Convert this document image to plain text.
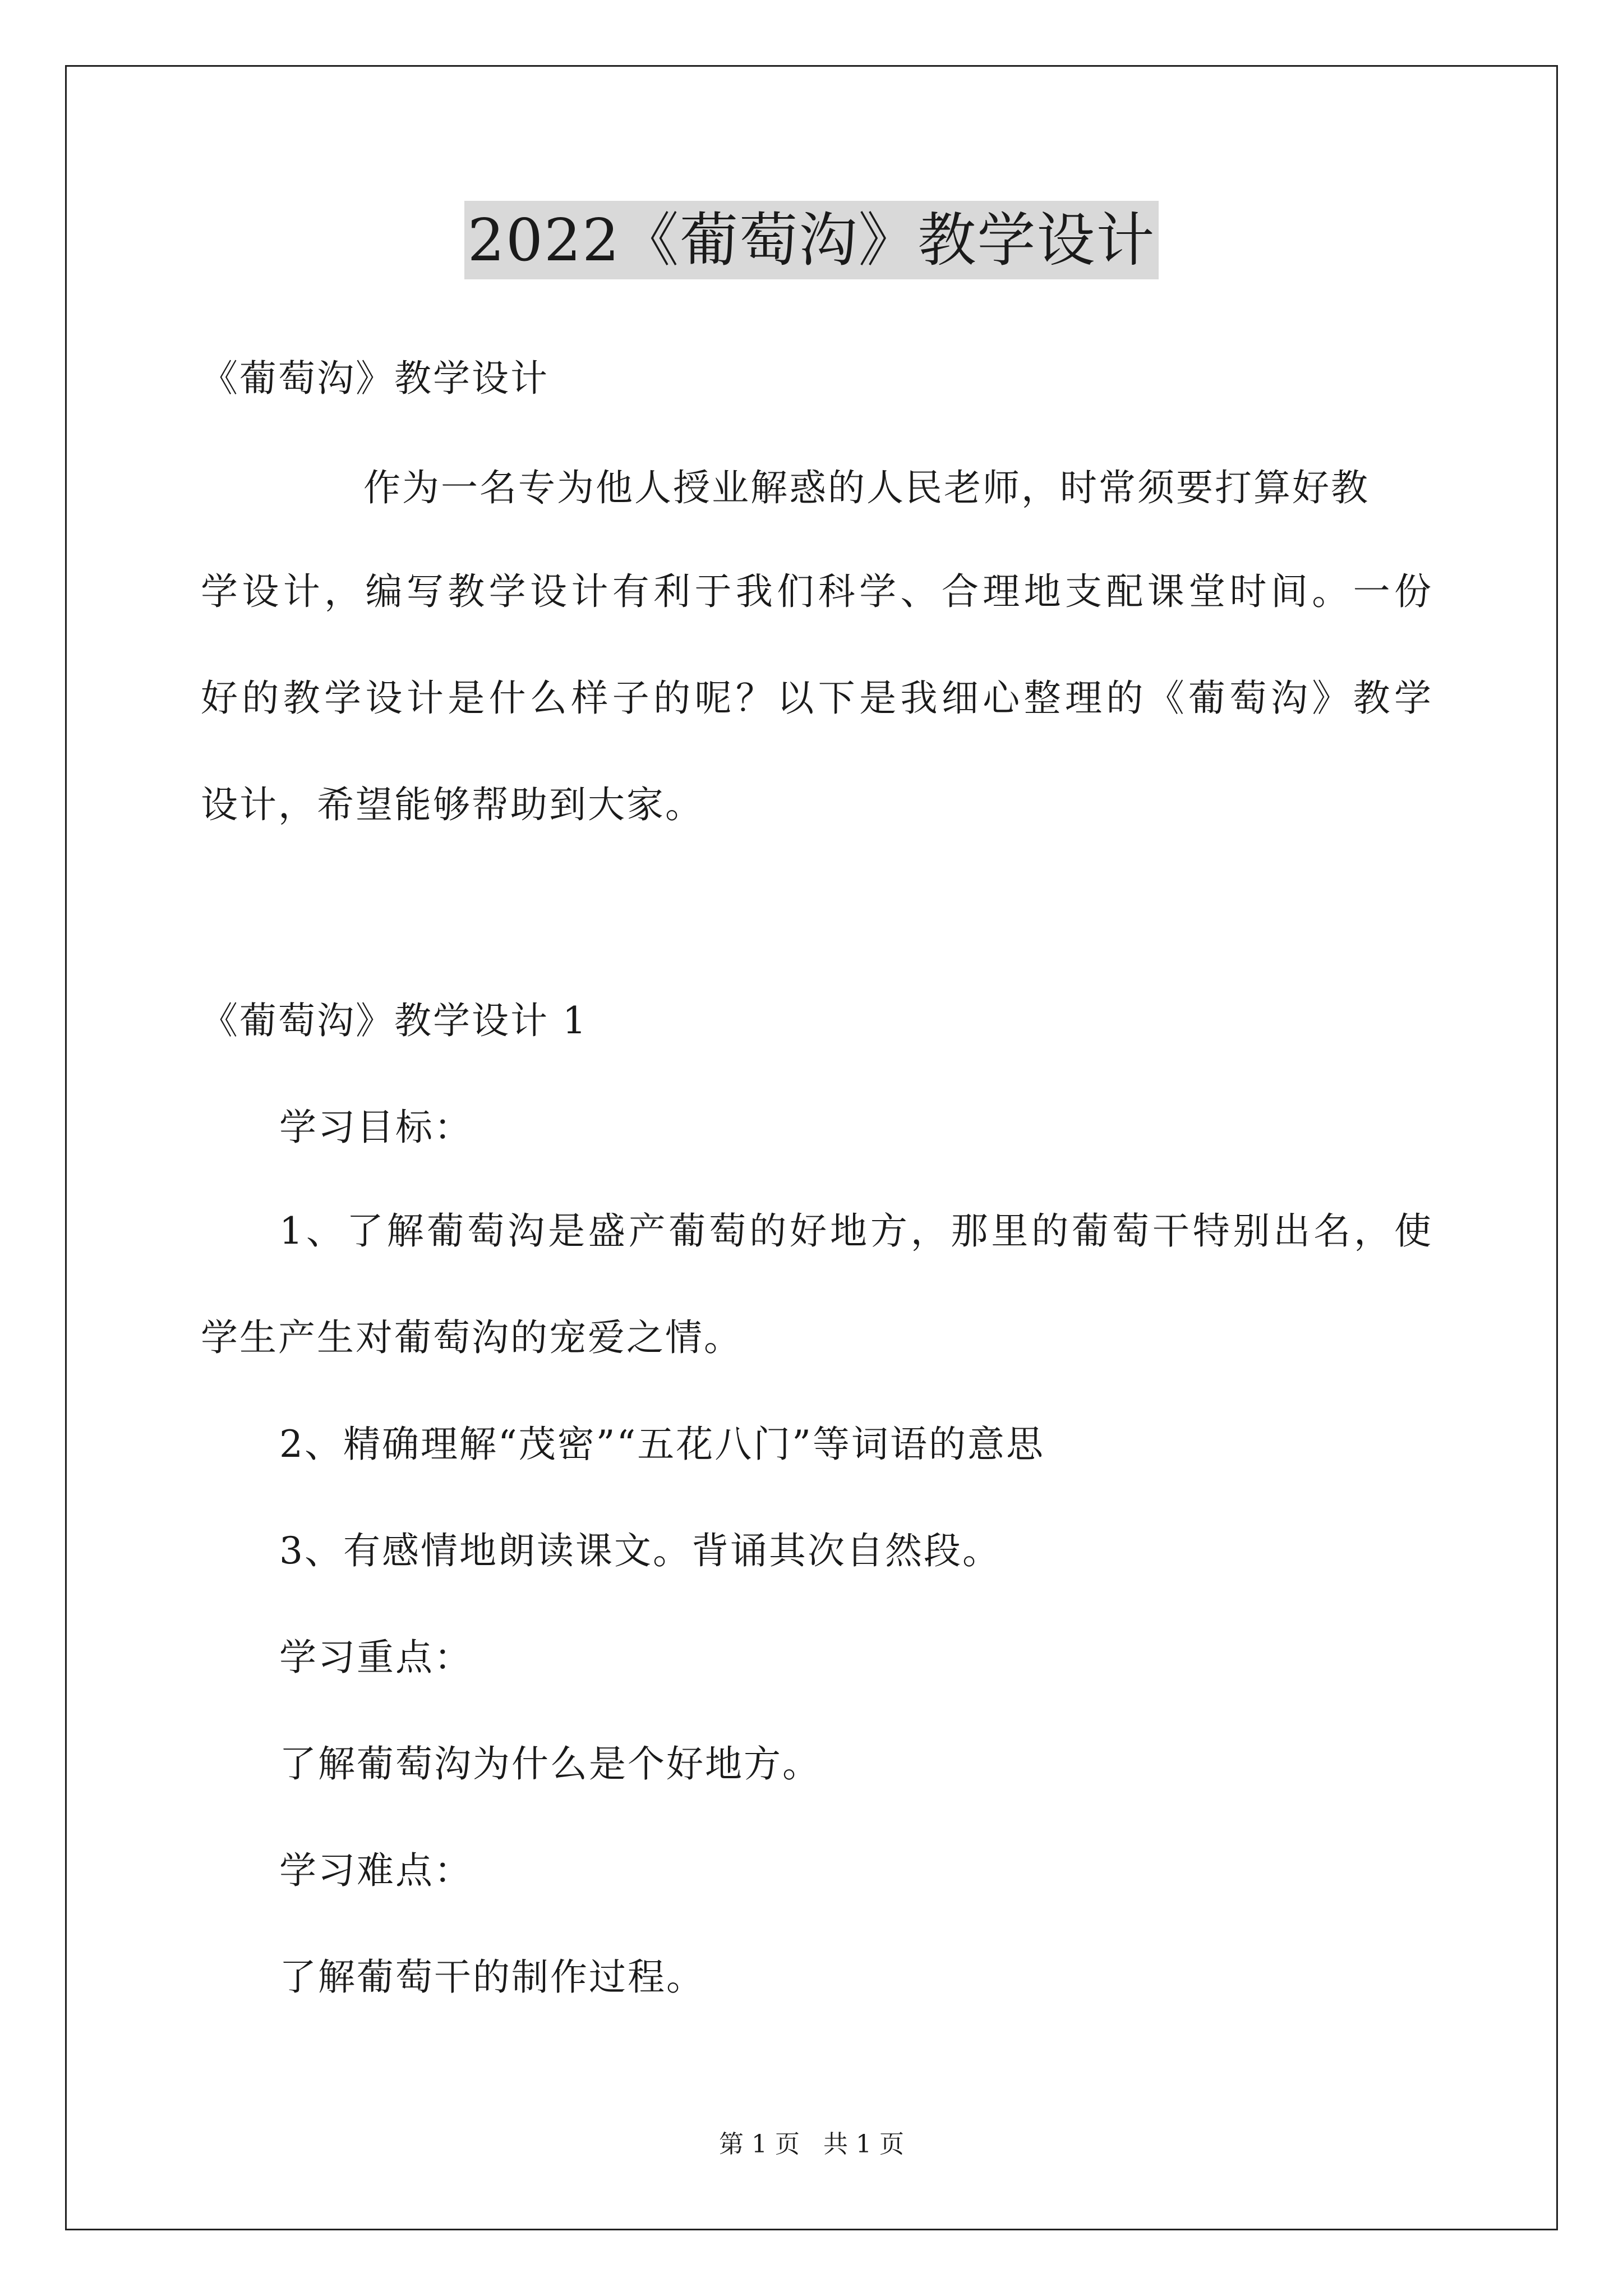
2022《葡萄沟》教学设计
《葡萄沟》教学设计
作为一名专为他人授业解惑的人民老师，时常须要打算好教
学设计，编写教学设计有利于我们科学、合理地支配课堂时间。一份
好的教学设计是什么样子的呢？以下是我细心整理的《葡萄沟》教学
设计，希望能够帮助到大家。
《葡萄沟》教学设计 1
学习目标：
1、了解葡萄沟是盛产葡萄的好地方，那里的葡萄干特别出名，使
学生产生对葡萄沟的宠爱之情。
2、精确理解“茂密”“五花八门”等词语的意思
3、有感情地朗读课文。背诵其次自然段。
学习重点：
了解葡萄沟为什么是个好地方。
学习难点：
了解葡萄干的制作过程。
第 1 页 共 1 页
